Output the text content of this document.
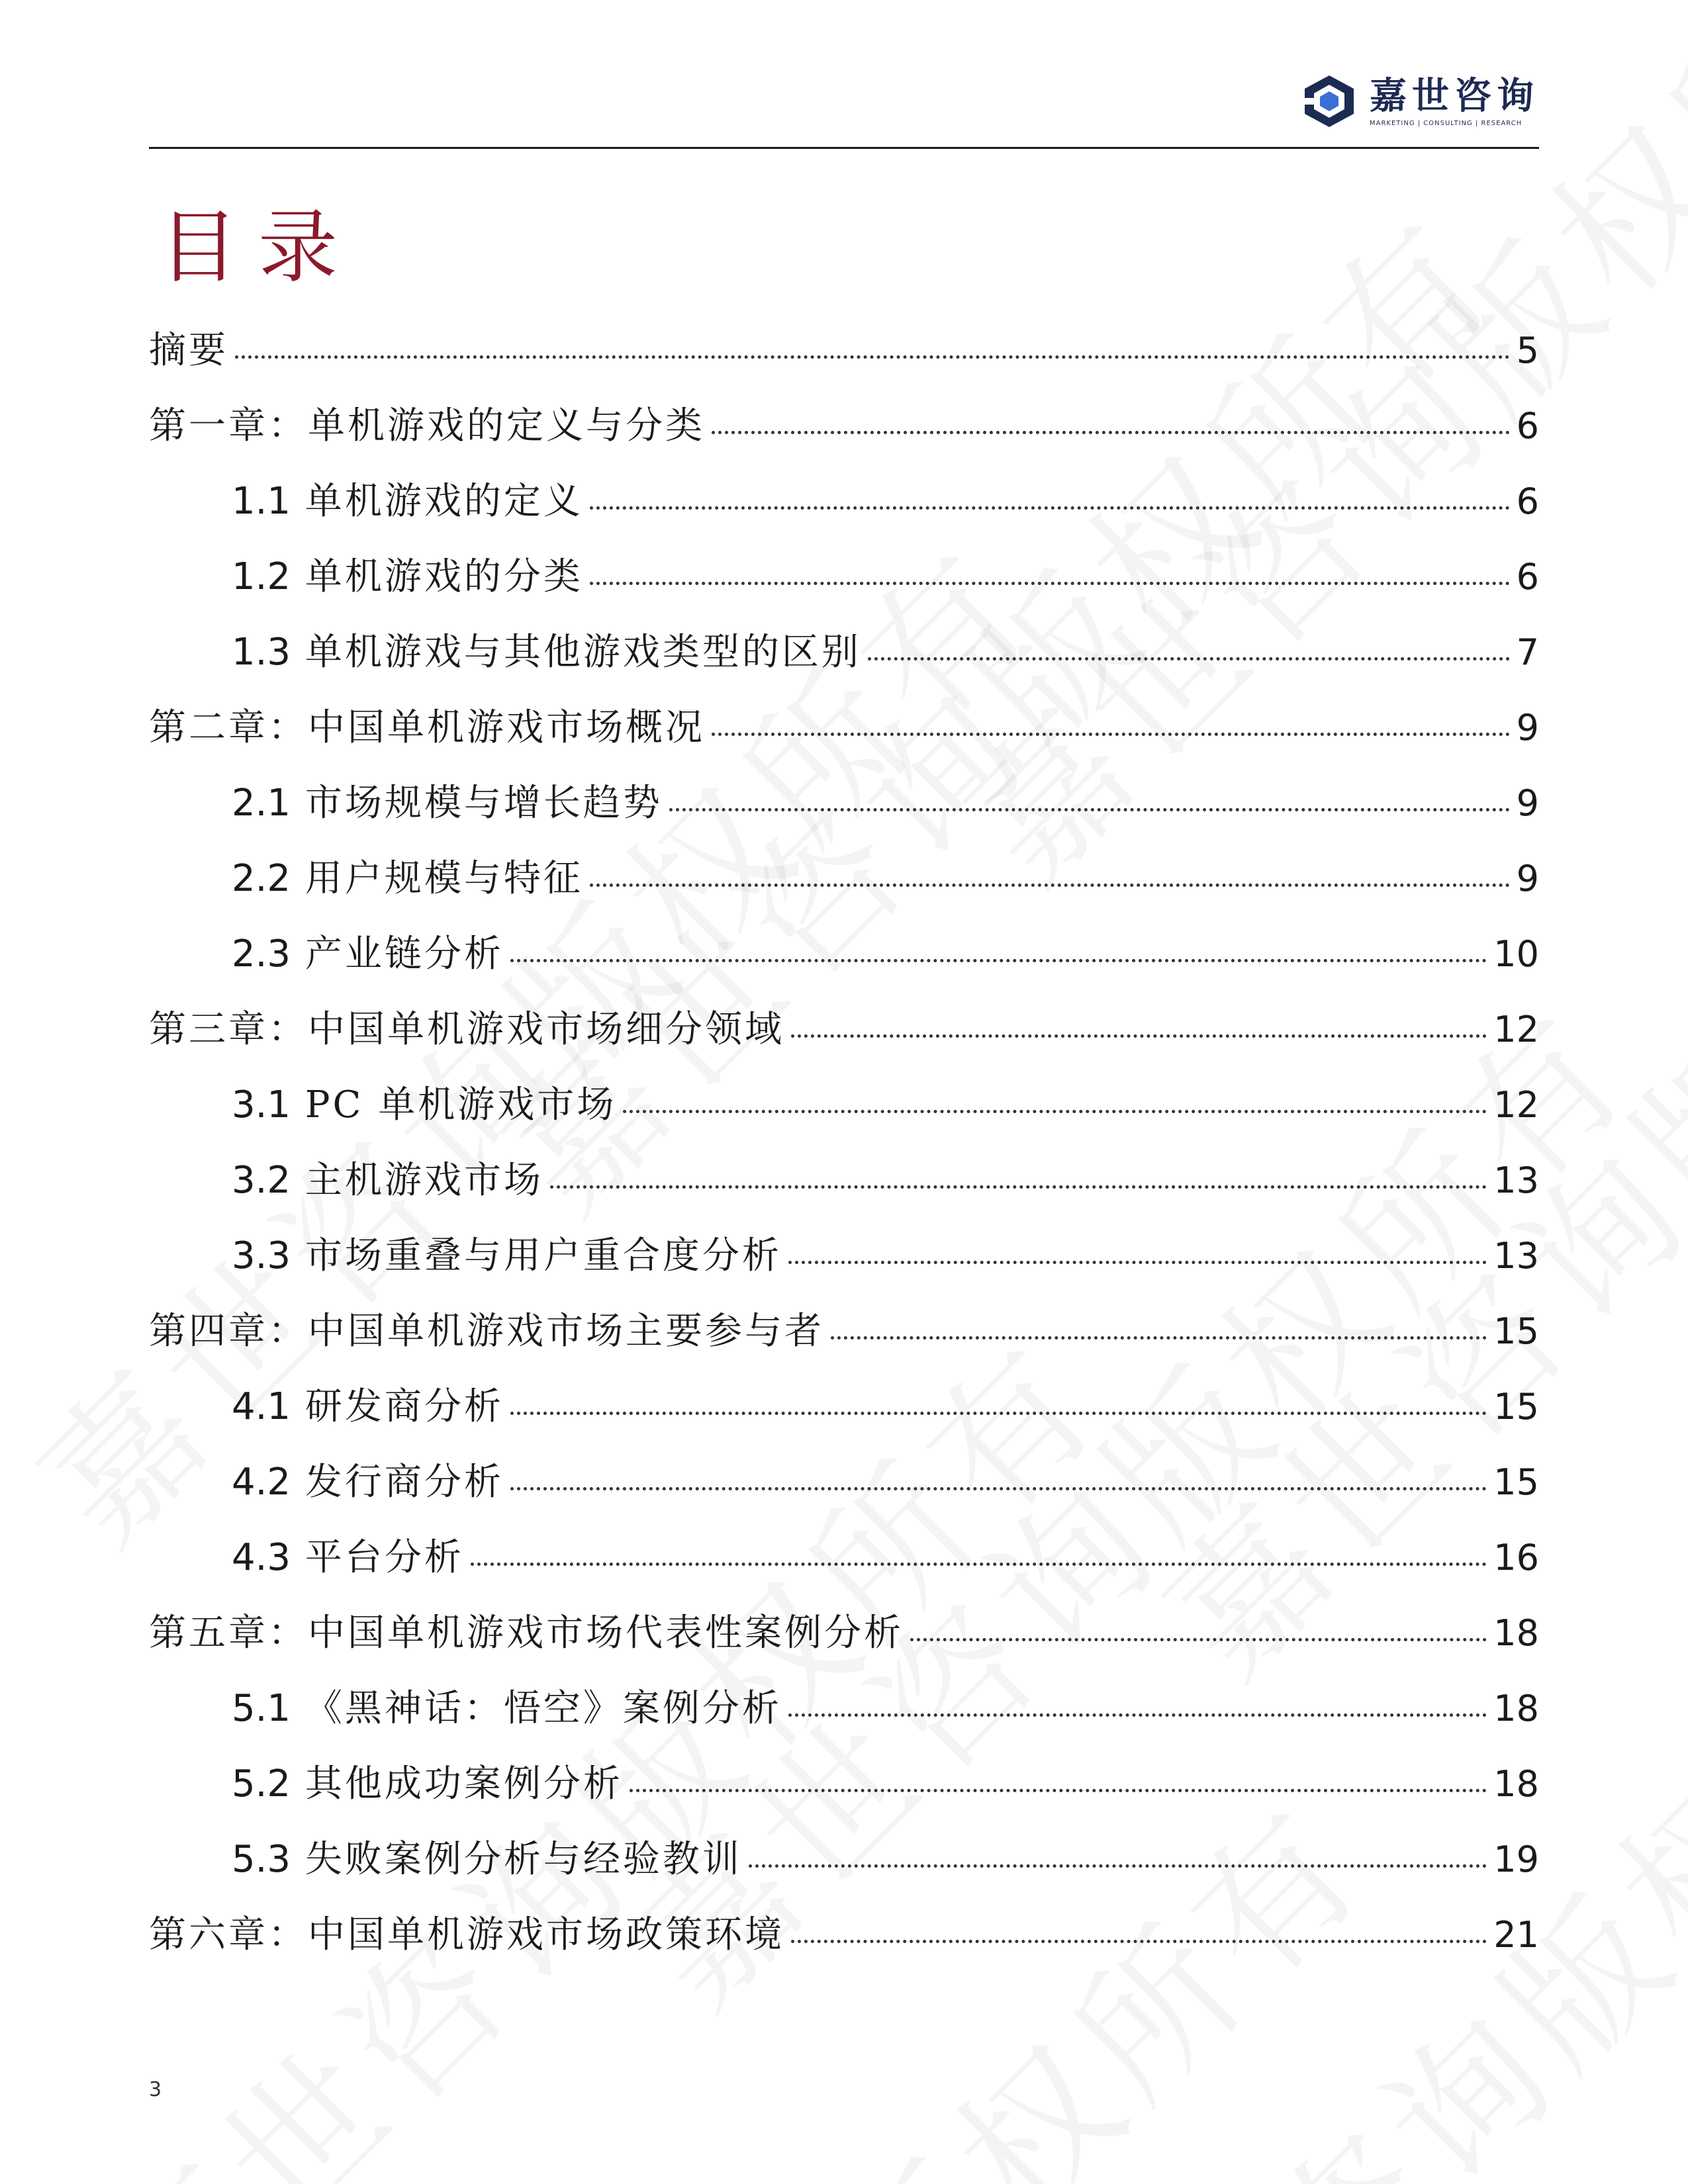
嘉世咨询
MARKETING | CONSULTING | RESEARCH
目录
摘要	5
第一章：单机游戏的定义与分类	6
1.1 单机游戏的定义	6
1.2 单机游戏的分类	6
1.3 单机游戏与其他游戏类型的区别	7
第二章：中国单机游戏市场概况	9
2.1 市场规模与增长趋势	9
2.2 用户规模与特征	9
2.3 产业链分析	10
第三章：中国单机游戏市场细分领域	12
3.1 PC 单机游戏市场	12
3.2 主机游戏市场	13
3.3 市场重叠与用户重合度分析	13
第四章：中国单机游戏市场主要参与者	15
4.1 研发商分析	15
4.2 发行商分析	15
4.3 平台分析	16
第五章：中国单机游戏市场代表性案例分析	18
5.1 《黑神话：悟空》案例分析	18
5.2 其他成功案例分析	18
5.3 失败案例分析与经验教训	19
第六章：中国单机游戏市场政策环境	21
3
